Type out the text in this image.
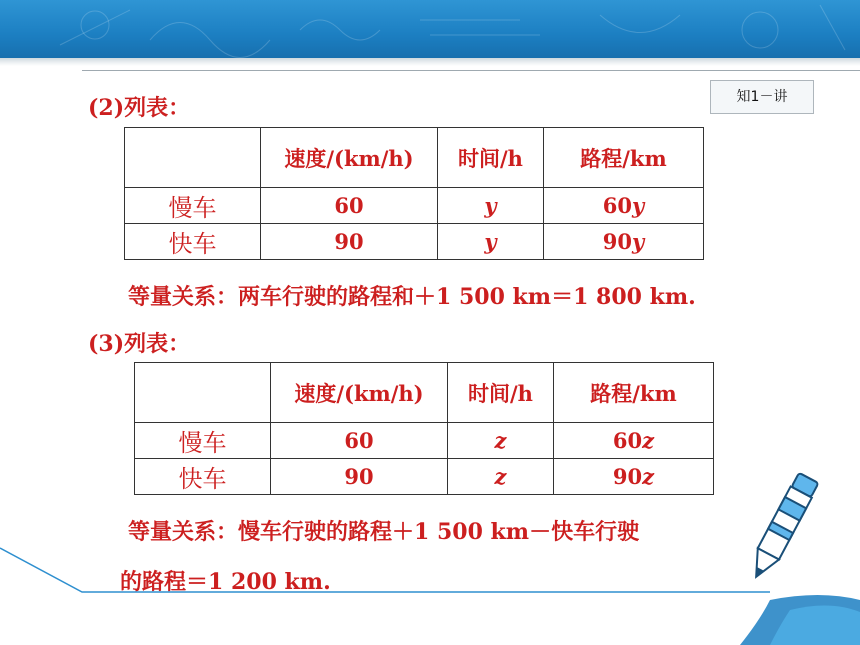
知1－讲
(2)列表：
	速度/(km/h)	时间/h	路程/km
慢车	60	y	60y
快车	90	y	90y
等量关系：两车行驶的路程和＋1 500 km＝1 800 km.
(3)列表：
	速度/(km/h)	时间/h	路程/km
慢车	60	z	60z
快车	90	z	90z
等量关系：慢车行驶的路程＋1 500 km－快车行驶
的路程＝1 200 km.
